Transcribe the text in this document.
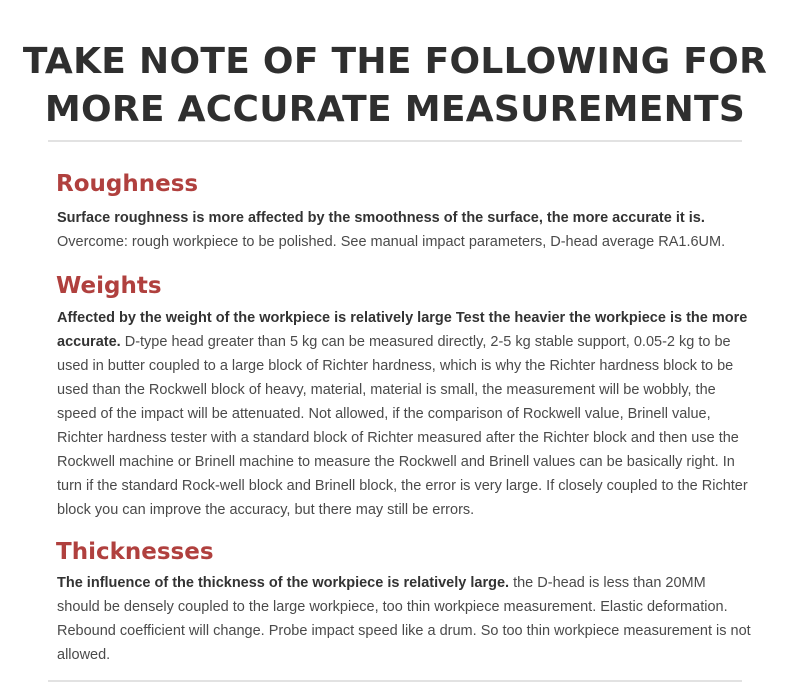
TAKE NOTE OF THE FOLLOWING FOR MORE ACCURATE MEASUREMENTS
Roughness

Surface roughness is more affected by the smoothness of the surface, the more accurate it is.
Overcome: rough workpiece to be polished. See manual impact parameters, D-head average RA1.6UM.

Weights

Affected by the weight of the workpiece is relatively large Test the heavier the workpiece is the more accurate. D-type head greater than 5 kg can be measured directly, 2-5 kg stable support, 0.05-2 kg to be used in butter coupled to a large block of Richter hardness, which is why the Richter hardness block to be used than the Rockwell block of heavy, material, material is small, the measurement will be wobbly, the speed of the impact will be attenuated. Not allowed, if the comparison of Rockwell value, Brinell value, Richter hardness tester with a standard block of Richter measured after the Richter block and then use the Rockwell machine or Brinell machine to measure the Rockwell and Brinell values can be basically right. In turn if the standard Rock-well block and Brinell block, the error is very large. If closely coupled to the Richter block you can improve the accuracy, but there may still be errors.

Thicknesses

The influence of the thickness of the workpiece is relatively large. the D-head is less than 20MM should be densely coupled to the large workpiece, too thin workpiece measurement. Elastic deformation. Rebound coefficient will change. Probe impact speed like a drum. So too thin workpiece measurement is not allowed.
